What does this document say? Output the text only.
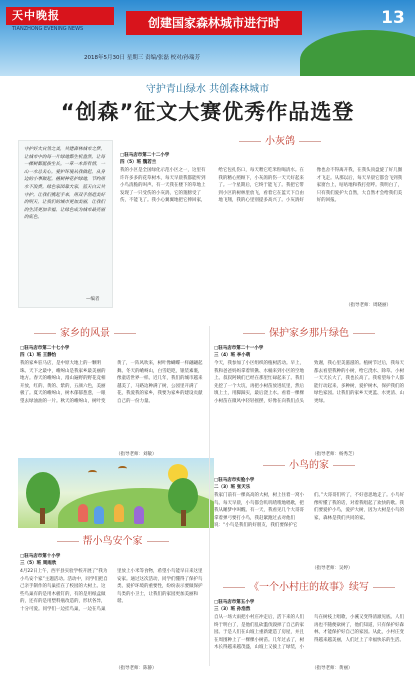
天中晚报
TIANZHONG EVENING NEWS	创建国家森林城市进行时	13
2018年5月30日 星期三 责编/张磊 校对/孙瑞芳
守护青山绿水 共创森林城市
“创森”征文大赛优秀作品选登
守护好大自然之美，共建森林城市之梦。让城市中的每一片绿地都生机盎然，让每一棵树都挺拔生长。一草一木皆有情，一山一水总关心。爱护环境从我做起，从身边的小事做起。植树种花护绿地，节约用水不浪费。绿色家园靠大家，蓝天白云共守护。让我们携起手来，用双手创造美好的明天，让我们的城市更加美丽，让我们的生活更加幸福，让绿色成为城市最亮丽的底色。
—编者
小灰鸽
□驻马店市第二十二小学
四（5）班 魏若兰
我的小区是全国绿化示范小区之一，这里有许许多多的花草树木，每天早晨我都能听到小鸟清脆的叫声。有一天我在楼下的草地上发现了一只受伤的小灰鸽，它的翅膀受了伤，不能飞了。我小心翼翼地把它捧回家，给它包扎伤口，每天喂它吃米粒喝清水。在我的精心照顾下，小灰鸽的伤一天天好起来了。一个星期后，它终于能飞了。我把它带到小区的树林里放飞，看着它在蓝天下自由地飞翔，我的心里别提多高兴了。小灰鸽好像也舍不得离开我，在我头顶盘旋了好几圈才飞走。从那以后，每天早晨它都会飞到我家窗台上，咕咕地和我打招呼。我明白了，只有我们爱护大自然，大自然才会给我们美好的回报。
（指导老师：周晓丽）
家乡的风景
□驻马店市第二十七小学
四（1）班 王静怡
我的家乡驻马店，是中原大地上的一颗明珠。天下之最中，嵖岈山是我家乡最美丽的地方。春天的嵖岈山，漫山遍野的野花竞相开放，红的、黄的、紫的，五颜六色，美丽极了。夏天的嵖岈山，树木郁郁葱葱，一眼望去绿油油的一片。秋天的嵖岈山，树叶变黄了，一阵风吹来，树叶像蝴蝶一样翩翩起舞。冬天的嵖岈山，白雪皑皑，银装素裹，像童话世界一样。近几年，我们的城市越来越美了，马路边种满了树，公园里开满了花，我爱我的家乡，我要为家乡的建设贡献自己的一份力量。
（指导老师：刘敏）
保护家乡那片绿色
□驻马店市第二十一小学
三（4）班 李小萌
今天，我参加了小区组织的植树活动。早上，我和爸爸妈妈拿着铁锹、水桶来到小区的空地上。叔叔阿姨们已经在那里忙碌起来了。我们先挖了一个大坑，再把小树苗放进坑里，然后填上土，用脚踩实，最后浇上水。看着一棵棵小树苗在微风中轻轻摇摆，好像在向我们点头致谢，我心里美滋滋的。植树节过后，我每天都去看望我种的小树，给它浇水、除草。小树一天天长大了，我也长高了。我希望每个人都能行动起来，多种树，爱护树木，保护我们的绿色家园。让我们的家乡天更蓝、水更清、山更绿。
（指导老师：杨秀芝）
小鸟的家
□驻马店市实验小学
二（3）班 张天乐
我家门前有一棵高高的大树，树上住着一窝小鸟。每天早晨，小鸟都会叽叽喳喳地唱歌，把我从睡梦中叫醒。有一天，我看见几个大哥哥拿着弹弓要打小鸟，我赶紧跑过去对他们说：“小鸟是我们的好朋友，我们要保护它们。”大哥哥们听了，不好意思地走了。小鸟好像听懂了我的话，对着我唱起了欢快的歌。我们要爱护小鸟，爱护大树，因为大树是小鸟的家，森林是我们共同的家。
（指导老师：吴婷）
帮小鸟安个家
□驻马店市第十小学
三（5）班 周雨欣
4月22日上午，西平县实验学校开展了“我为小鸟安个家”主题活动。活动中，同学们把自己亲手制作的鸟巢挂在了校园的大树上。这些鸟巢有的是用木板钉的，有的是用纸盒做的，还有的是用塑料瓶改造的，形状各异，十分可爱。同学们一边挂鸟巢，一边在鸟巢里放上小米等食物，希望小鸟能早日来这里安家。通过这次活动，同学们懂得了保护鸟类、爱护环境的重要性，纷纷表示要做保护鸟类的小卫士，让我们的家园更加美丽和谐。
（指导老师：陈静）
《一个小村庄的故事》续写
□驻马店市第五小学
三（3）班 孙浩然
自从一场大雨把小村庄冲走后，活下来的人们终于明白了，是他们乱砍滥伐毁掉了自己的家园。于是人们在山坡上重新建造了房屋，并且在周围种上了一棵棵小树苗。几年过去了，树木长得越来越茂盛，山坡上又披上了绿装，小鸟在树枝上唱歌，小溪又变得清澈见底。人们再也不随便砍树了，他们知道，只有保护好森林，才能保护好自己的家园。从此，小村庄变得越来越美丽，人们过上了幸福快乐的生活。
（指导老师：黄丽）
